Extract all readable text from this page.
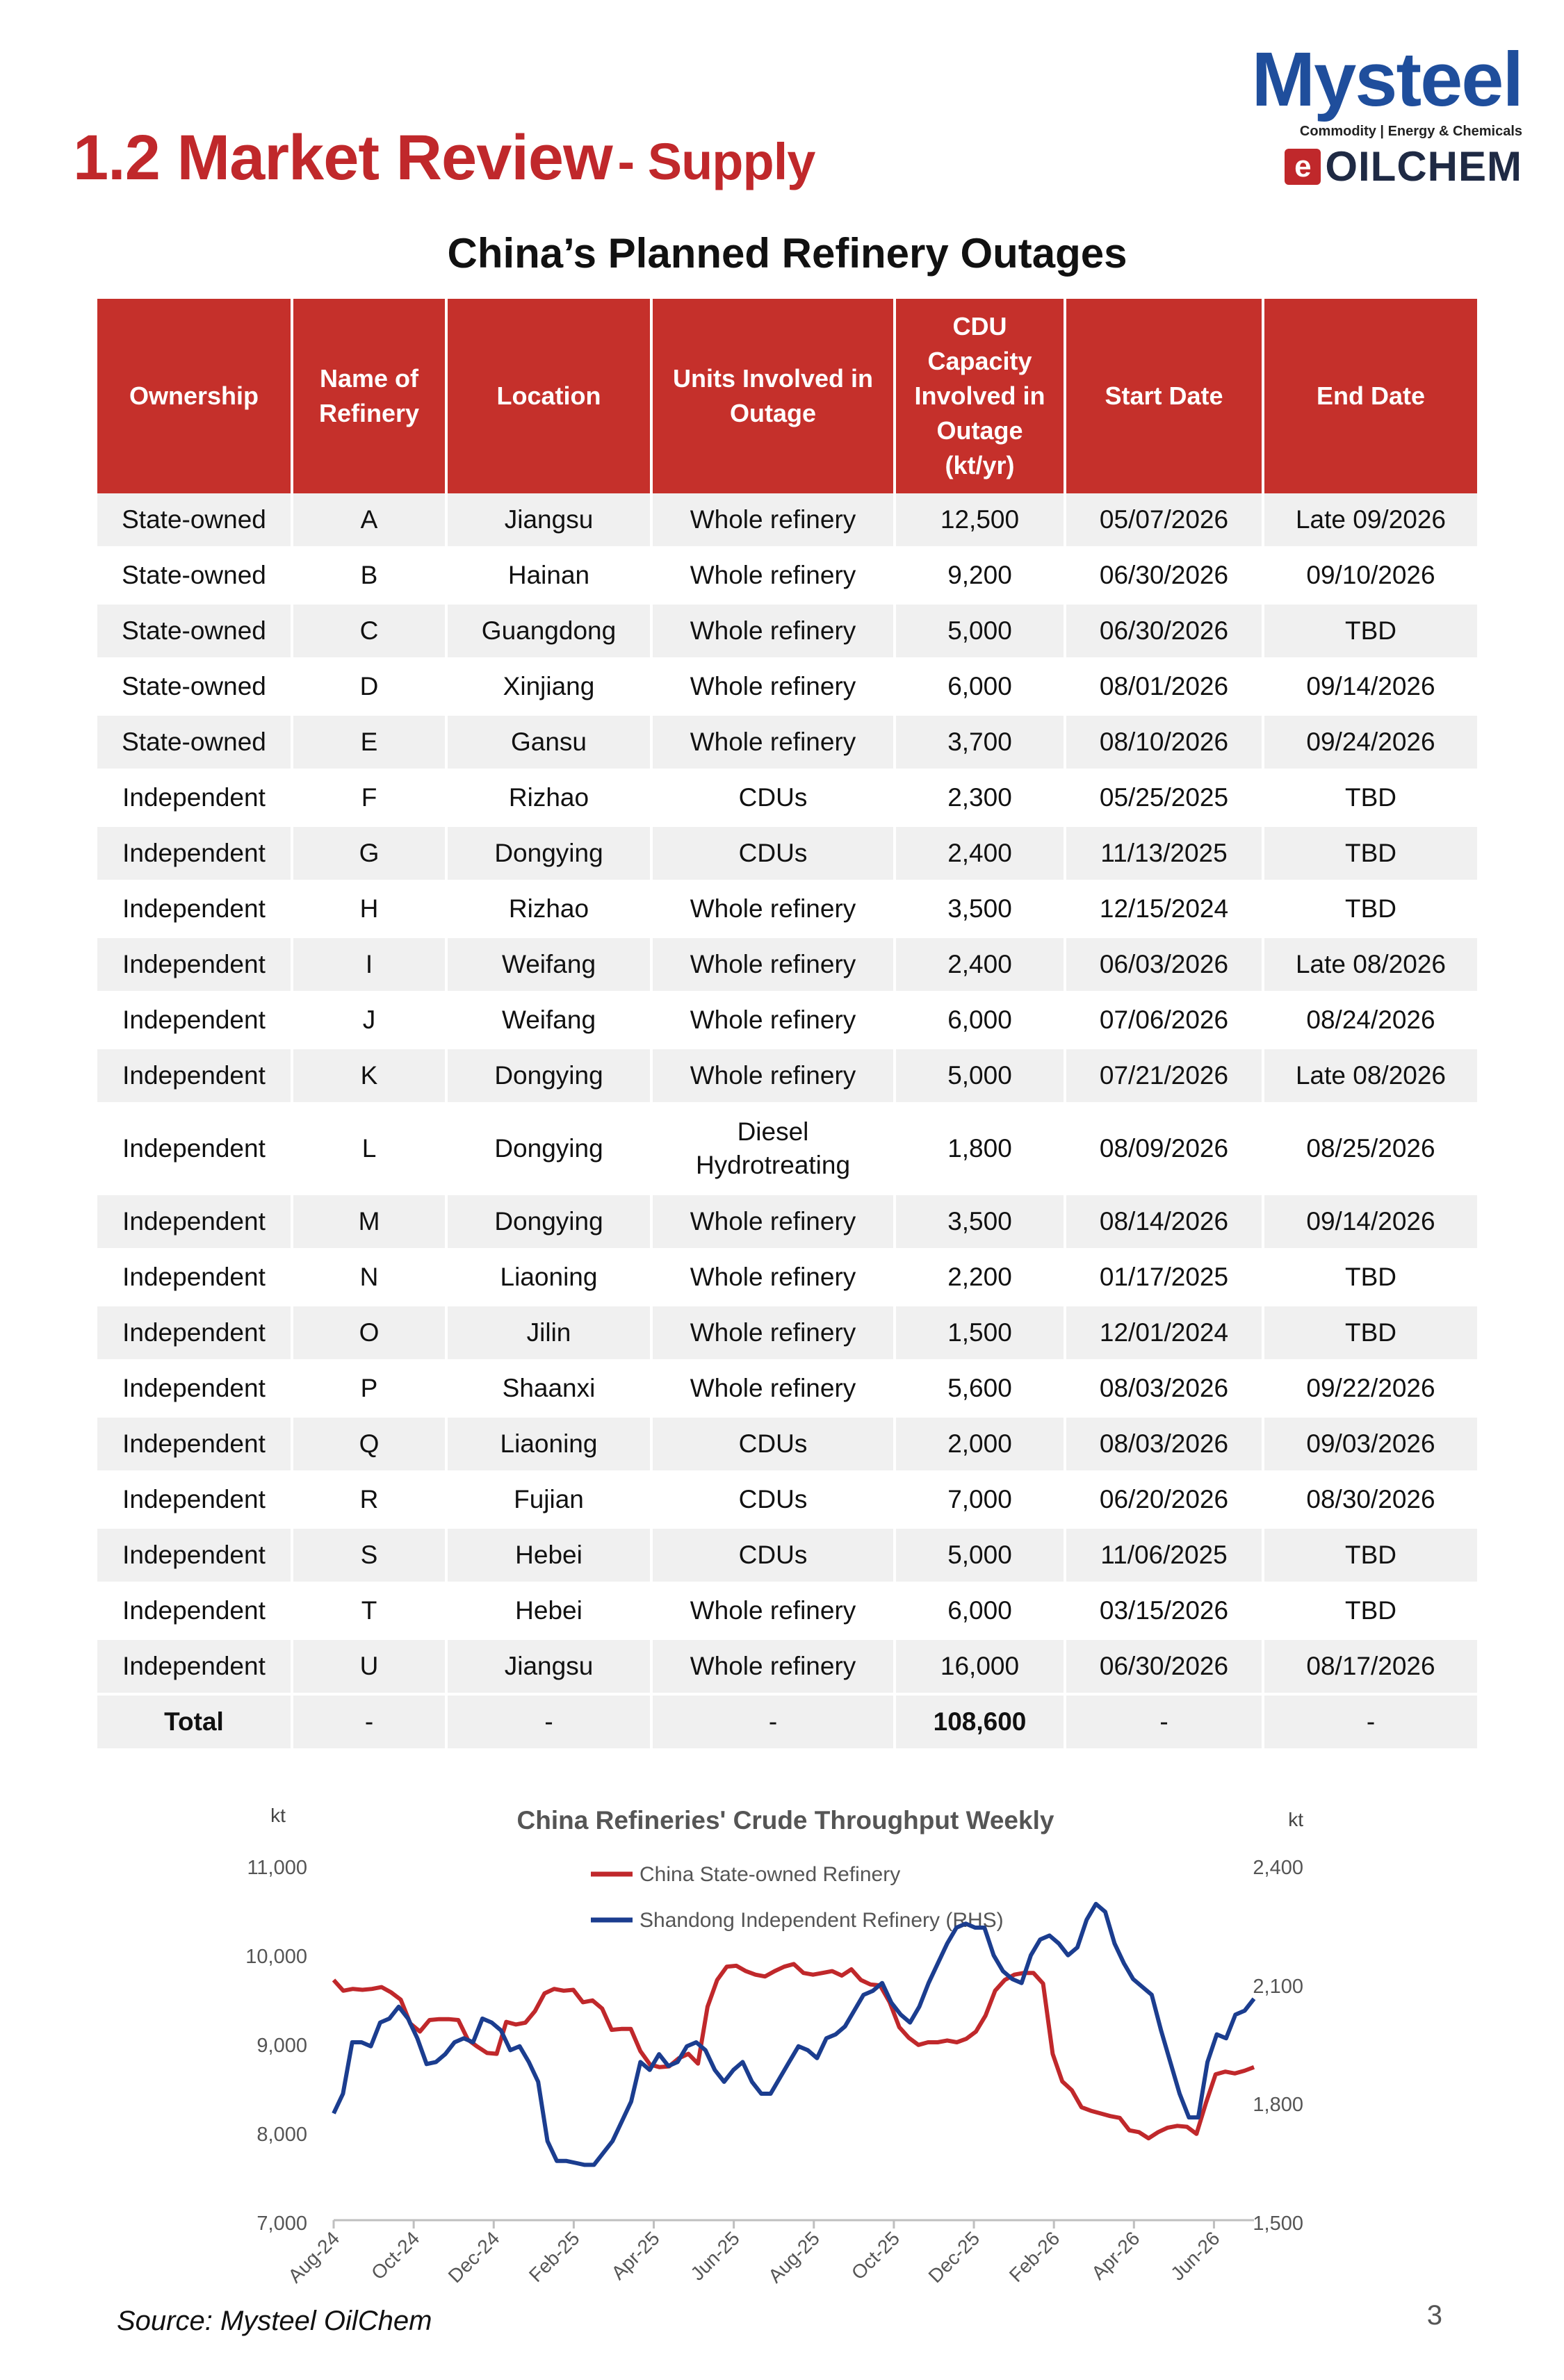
1.2 Market Review - Supply
Mysteel
Commodity | Energy & Chemicals
e OILCHEM
China’s Planned Refinery Outages
Ownership	Name of Refinery	Location	Units Involved in Outage	CDU Capacity Involved in Outage (kt/yr)	Start Date	End Date
State-owned	A	Jiangsu	Whole refinery	12,500	05/07/2026	Late 09/2026
State-owned	B	Hainan	Whole refinery	9,200	06/30/2026	09/10/2026
State-owned	C	Guangdong	Whole refinery	5,000	06/30/2026	TBD
State-owned	D	Xinjiang	Whole refinery	6,000	08/01/2026	09/14/2026
State-owned	E	Gansu	Whole refinery	3,700	08/10/2026	09/24/2026
Independent	F	Rizhao	CDUs	2,300	05/25/2025	TBD
Independent	G	Dongying	CDUs	2,400	11/13/2025	TBD
Independent	H	Rizhao	Whole refinery	3,500	12/15/2024	TBD
Independent	I	Weifang	Whole refinery	2,400	06/03/2026	Late 08/2026
Independent	J	Weifang	Whole refinery	6,000	07/06/2026	08/24/2026
Independent	K	Dongying	Whole refinery	5,000	07/21/2026	Late 08/2026
Independent	L	Dongying	Diesel Hydrotreating	1,800	08/09/2026	08/25/2026
Independent	M	Dongying	Whole refinery	3,500	08/14/2026	09/14/2026
Independent	N	Liaoning	Whole refinery	2,200	01/17/2025	TBD
Independent	O	Jilin	Whole refinery	1,500	12/01/2024	TBD
Independent	P	Shaanxi	Whole refinery	5,600	08/03/2026	09/22/2026
Independent	Q	Liaoning	CDUs	2,000	08/03/2026	09/03/2026
Independent	R	Fujian	CDUs	7,000	06/20/2026	08/30/2026
Independent	S	Hebei	CDUs	5,000	11/06/2025	TBD
Independent	T	Hebei	Whole refinery	6,000	03/15/2026	TBD
Independent	U	Jiangsu	Whole refinery	16,000	06/30/2026	08/17/2026
Total	-	-	-	108,600	-	-
China Refineries' Crude Throughput Weekly
kt	kt
China State-owned Refinery
Shandong Independent Refinery (RHS)
11,000
10,000
9,000
8,000
7,000
2,400
2,100
1,800
1,500
Aug-24 Oct-24 Dec-24 Feb-25 Apr-25 Jun-25 Aug-25 Oct-25 Dec-25 Feb-26 Apr-26 Jun-26

Source: Mysteel OilChem	3
